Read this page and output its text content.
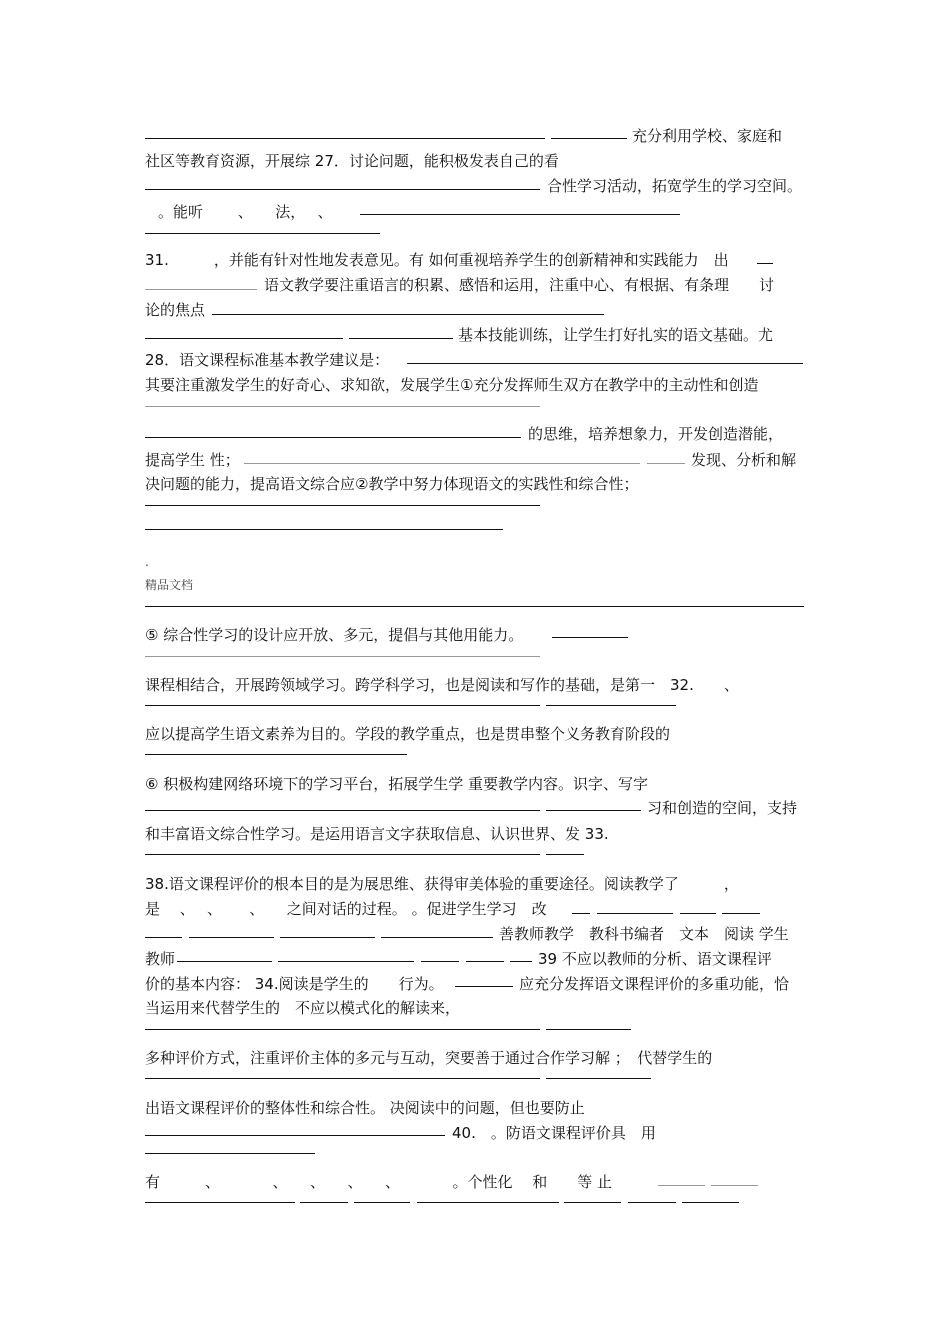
充分利用学校、家庭和
社区等教育资源，开展综 27．讨论问题，能积极发表自己的看
合性学习活动，拓宽学生的学习空间。
。能听　　 、　　法，　 、
31.　　　，并能有针对性地发表意见。有 如何重视培养学生的创新精神和实践能力　出
语文教学要注重语言的积累、感悟和运用，注重中心、有根据、有条理　　讨
论的焦点
基本技能训练，让学生打好扎实的语文基础。尤
28．语文课程标准基本教学建议是：
其要注重激发学生的好奇心、求知欲，发展学生①充分发挥师生双方在教学中的主动性和创造
的思维，培养想象力，开发创造潜能，
提高学生 性；	发现、分析和解
决问题的能力，提高语文综合应②教学中努力体现语文的实践性和综合性；
.
精品文档
⑤ 综合性学习的设计应开放、多元，提倡与其他用能力。
课程相结合，开展跨领域学习。跨学科学习，也是阅读和写作的基础，是第一　32.　　、
应以提高学生语文素养为目的。学段的教学重点，也是贯串整个义务教育阶段的
⑥ 积极构建网络环境下的学习平台，拓展学生学 重要教学内容。识字、写字
习和创造的空间，支持
和丰富语文综合性学习。是运用语言文字获取信息、认识世界、发 33.
38.语文课程评价的根本目的是为展思维、获得审美体验的重要途径。阅读教学了　　　，
是　 、　 、　　 、　　之间对话的过程。 。促进学生学习　改
善教师教学　教科书编者　文本　阅读 学生
教师	39 不应以教师的分析、语文课程评
价的基本内容： 34.阅读是学生的　　行为。	应充分发挥语文课程评价的多重功能，恰
当运用来代替学生的　不应以模式化的解读来，
多种评价方式，注重评价主体的多元与互动，突要善于通过合作学习解 ；　代替学生的
出语文课程评价的整体性和综合性。 决阅读中的问题，但也要防止
40.　。防语文课程评价具　用
有　　　、　　　　、　　、　　、　　、　　　　。个性化　 和　　等 止
